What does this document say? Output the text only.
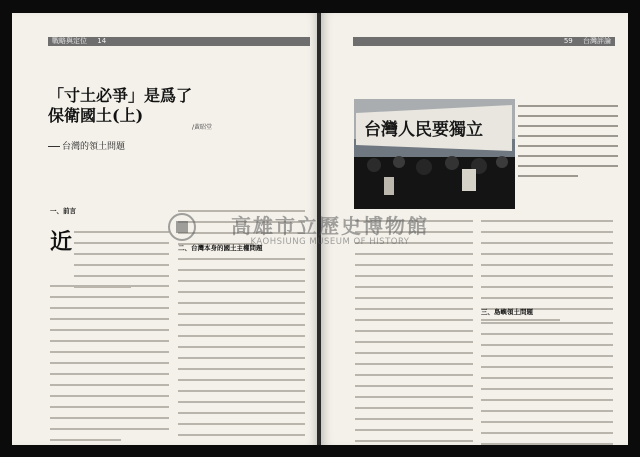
戰略與定位 14
「寸土必爭」是爲了
保衛國土(上)
/黃昭堂
台灣的領土問題
一、前言
近	二、台灣本身的國土主權問題
59 台灣評論
台灣人民要獨立
三、島嶼領土問題
高雄市立歷史博物館
KAOHSIUNG MUSEUM OF HISTORY
